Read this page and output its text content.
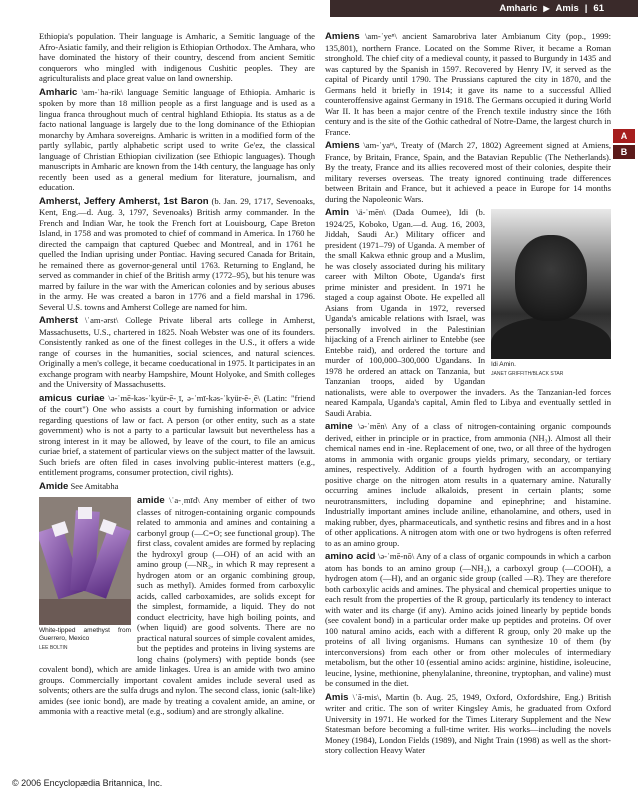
Amharic ▶ Amis | 61
A
B

Ethiopia's population. Their language is Amharic, a Semitic language of the Afro-Asiatic family, and their religion is Ethiopian Orthodox. The Amhara, who have dominated the history of their country, descend from ancient Semitic conquerors who mingled with indigenous Cushitic peoples. They are agriculturalists and place great value on land ownership.

Amharic \am-ˈha-rik\ language Semitic language of Ethiopia. Amharic is spoken by more than 18 million people as a first language and is used as a lingua franca throughout much of central highland Ethiopia. Its status as a de facto national language is largely due to the long dominance of the Ethiopian monarchy by Amhara sovereigns. Amharic is written in a modified form of the partly syllabic, partly alphabetic script used to write Ge'ez, the classical language of Christian Ethiopian civilization (see Ethiopic languages). Though manuscripts in Amharic are known from the 14th century, the language has only recently been used as a general medium for literature, journalism, and education.

Amherst, Jeffery Amherst, 1st Baron (b. Jan. 29, 1717, Sevenoaks, Kent, Eng.—d. Aug. 3, 1797, Sevenoaks) British army commander. In the French and Indian War, he took the French fort at Louisbourg, Cape Breton Island, in 1758 and was promoted to chief of command in America. In 1760 he directed the campaign that captured Quebec and Montreal, and in 1761 he quelled the Indian uprising under Pontiac. Having secured Canada for Britain, he remained there as governor-general until 1763. Returning to England, he served as commander in chief of the British army (1772–95), but his tenure was marred by failure in the war with the American colonies and by serious abuses in the army. He was created a baron in 1776 and a field marshal in 1796. Several U.S. towns and Amherst College are named for him.

Amherst \ˈam-ərst\ College Private liberal arts college in Amherst, Massachusetts, U.S., chartered in 1825. Noah Webster was one of its founders. Consistently ranked as one of the finest colleges in the U.S., it offers a wide range of courses in the humanities, social sciences, and natural sciences. Originally a men's college, it became coeducational in 1975. It participates in an exchange program with nearby Hampshire, Mount Holyoke, and Smith colleges and the University of Massachusetts.

amicus curiae \ə-ˈmē-kəs-ˈkyür-ē-ˌī, ə-ˈmī-kəs-ˈkyür-ē-ˌē\ (Latin: "friend of the court") One who assists a court by furnishing information or advice regarding questions of law or fact. A person (or other entity, such as a state government) who is not a party to a particular lawsuit but nevertheless has a strong interest in it may be allowed, by leave of the court, to file an amicus curiae brief, a statement of particular views on the subject matter of the lawsuit. Such briefs are often filed in cases involving public-interest matters (e.g., entitlement programs, consumer protection, civil rights).

Amide See Amitabha

White-tipped amethyst from Guerrero, Mexico
LEE BOLTIN
amide \ˈa-ˌmīd\ Any member of either of two classes of nitrogen-containing organic compounds related to ammonia and amines and containing a carbonyl group (—C=O; see functional group). The first class, covalent amides are formed by replacing the hydroxyl group (—OH) of an acid with an amino group (—NR₂, in which R may represent a hydrogen atom or an organic combining group, such as methyl). Amides formed from carboxylic acids, called carboxamides, are solids except for the simplest, formamide, a liquid. They do not conduct electricity, have high boiling points, and (when liquid) are good solvents. There are no practical natural sources of simple covalent amides, but the peptides and proteins in living systems are long chains (polymers) with peptide bonds (see covalent bond), which are amide linkages. Urea is an amide with two amino groups. Commercially important covalent amides include several used as solvents; others are the sulfa drugs and nylon. The second class, ionic (salt-like) amides (see ionic bond), are made by treating a covalent amide, an amine, or ammonia with a reactive metal (e.g., sodium) and are strongly alkaline.

Amiens \am-ˈyeⁿ\ ancient Samarobriva later Ambianum City (pop., 1999: 135,801), northern France. Located on the Somme River, it became a Roman stronghold. The chief city of a medieval county, it passed to Burgundy in 1435 and was captured by the Spanish in 1597. Recovered by Henry IV, it served as the capital of Picardy until 1790. The Prussians captured the city in 1870, and the Germans held it briefly in 1914; it gave its name to a successful Allied counteroffensive against Germany in 1918. The Germans occupied it during World War II. It has been a major centre of the French textile industry since the 16th century and is the site of the Gothic cathedral of Notre-Dame, the largest church in France.

Amiens \am-ˈyaⁿ\, Treaty of (March 27, 1802) Agreement signed at Amiens, France, by Britain, France, Spain, and the Batavian Republic (The Netherlands). By the treaty, France and its allies recovered most of their colonies, despite their military reverses overseas. The treaty ignored continuing trade differences between Britain and France, but it achieved a peace in Europe for 14 months during the Napoleonic Wars.

Idi Amin.
JANET GRIFFITH/BLACK STAR

Amin \ä-ˈmēn\ (Dada Oumee), Idi (b. 1924/25, Koboko, Ugan.—d. Aug. 16, 2003, Jiddah, Saudi Ar.) Military officer and president (1971–79) of Uganda. A member of the small Kakwa ethnic group and a Muslim, he was closely associated during his military career with Milton Obote, Uganda's first prime minister and president. In 1971 he staged a coup against Obote. He expelled all Asians from Uganda in 1972, reversed Uganda's amicable relations with Israel, was personally involved in the Palestinian hijacking of a French airliner to Entebbe (see Entebbe raid), and ordered the torture and murder of 100,000–300,000 Ugandans. In 1978 he ordered an attack on Tanzania, but Tanzanian troops, aided by Ugandan nationalists, were able to overpower the invaders. As the Tanzanian-led forces neared Kampala, Uganda's capital, Amin fled to Libya and eventually settled in Saudi Arabia.

amine \ə-ˈmēn\ Any of a class of nitrogen-containing organic compounds derived, either in principle or in practice, from ammonia (NH₃). Almost all their chemical names end in -ine. Replacement of one, two, or all three of the hydrogen atoms in ammonia with organic groups yields primary, secondary, or tertiary amines, respectively. Addition of a fourth hydrogen with an accompanying positive charge on the nitrogen atom results in a quaternary amine. Naturally occurring amines include alkaloids, present in certain plants; some neurotransmitters, including dopamine and epinephrine; and histamine. Industrially important amines include aniline, ethanolamine, and others, used in making rubber, dyes, pharmaceuticals, and synthetic resins and fibres and in a host of other applications. A nitrogen atom with one or two hydrogens is often referred to as an amino group.

amino acid \ə-ˈmē-nō\ Any of a class of organic compounds in which a carbon atom has bonds to an amino group (—NH₂), a carboxyl group (—COOH), a hydrogen atom (—H), and an organic side group (called —R). They are therefore both carboxylic acids and amines. The physical and chemical properties unique to each result from the properties of the R group, particularly its tendency to interact with water and its charge (if any). Amino acids joined linearly by peptide bonds (see covalent bond) in a particular order make up peptides and proteins. Of over 100 natural amino acids, each with a different R group, only 20 make up the proteins of all living organisms. Humans can synthesize 10 of them (by interconversions) from each other or from other molecules of intermediary metabolism, but the other 10 (essential amino acids: arginine, histidine, isoleucine, leucine, lysine, methionine, phenylalanine, threonine, tryptophan, and valine) must be consumed in the diet.

Amis \ˈā-mis\, Martin (b. Aug. 25, 1949, Oxford, Oxfordshire, Eng.) British writer and critic. The son of writer Kingsley Amis, he graduated from Oxford University in 1971. He worked for the Times Literary Supplement and the New Statesman before becoming a full-time writer. His works—including the novels Money (1984), London Fields (1989), and Night Train (1998) as well as the short-story collection Heavy Water

© 2006 Encyclopædia Britannica, Inc.
